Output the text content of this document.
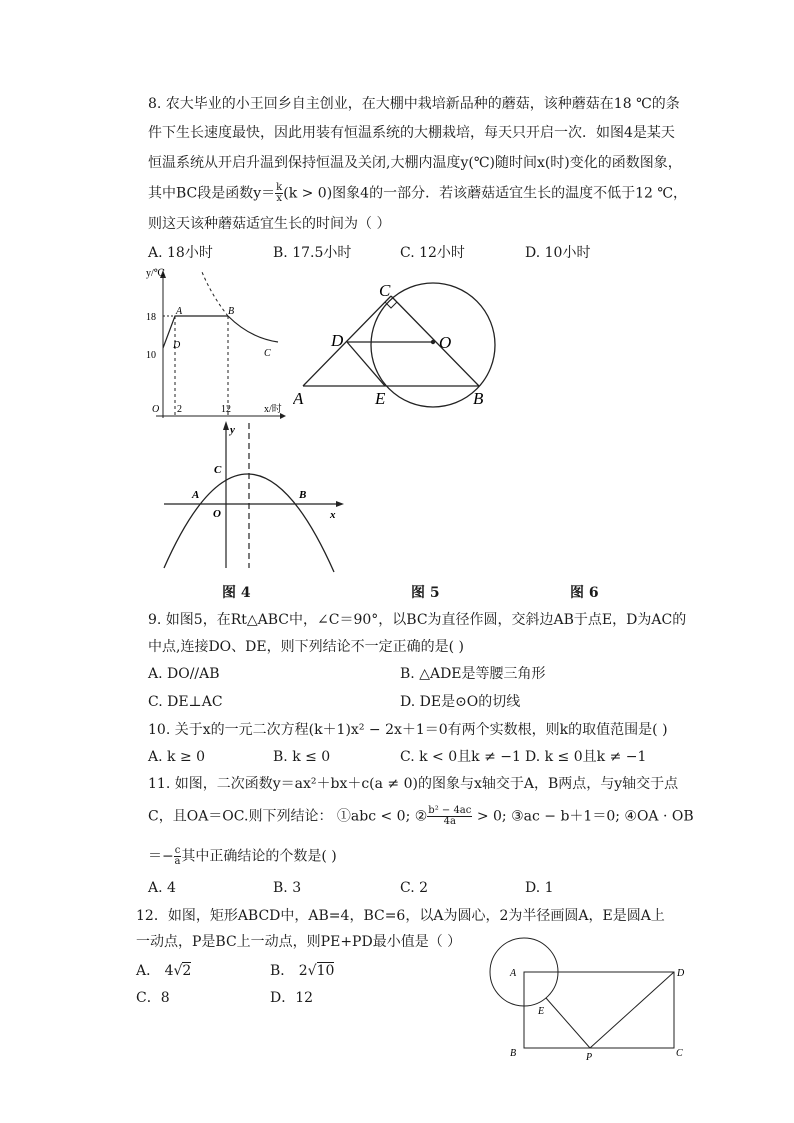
8. 农大毕业的小王回乡自主创业，在大棚中栽培新品种的蘑菇，该种蘑菇在18 ℃的条
件下生长速度最快，因此用装有恒温系统的大棚栽培，每天只开启一次．如图4是某天
恒温系统从开启升温到保持恒温及关闭,大棚内温度y(℃)随时间x(时)变化的函数图象，
其中BC段是函数$y= \frac{k}{x} (k > 0)$图象4的一部分．若该蘑菇适宜生长的温度不低于12 ℃，
则这天该种蘑菇适宜生长的时间为（ ）
A. 18小时	B. 17.5小时	C. 12小时	D. 10小时
y/℃
x/时
18
10
O 2	12
A	B
C
D
A	B
C
D
E
O
y
x
O
A	B
C
图 4	图 5	图 6
9. 如图5，在Rt△ABC中，∠C＝90°，以BC为直径作圆，交斜边AB于点E，D为AC的
中点,连接DO、DE，则下列结论不一定正确的是( )
A. DO//AB	B. △ADE是等腰三角形
C. DE⊥AC	D. DE是⊙O的切线
10. 关于x的一元二次方程(k＋1)x² − 2x＋1＝0有两个实数根，则k的取值范围是( )
A. k ≥ 0	B. k ≤ 0	C. k < 0且k ≠ −1 D. k ≤ 0且k ≠ −1
11. 如图，二次函数y＝ax²＋bx＋c(a ≠ 0)的图象与x轴交于A，B两点，与y轴交于点
C，且OA＝OC.则下列结论： ①abc < 0; ② $\frac{\text{b² − 4ac}}{4a} > 0$; ③ac − b＋1＝0; ④OA · OB
＝− $\frac{c}{a}$ 其中正确结论的个数是( )
A. 4	B. 3	C. 2	D. 1
12．如图，矩形ABCD中，AB=4，BC=6，以A为圆心，2为半径画圆A，E是圆A上
一动点，P是BC上一动点，则PE+PD最小值是（ ）
A． 4√2	B． 2√10
C．8	D．12
A
B	C
D
E
P
